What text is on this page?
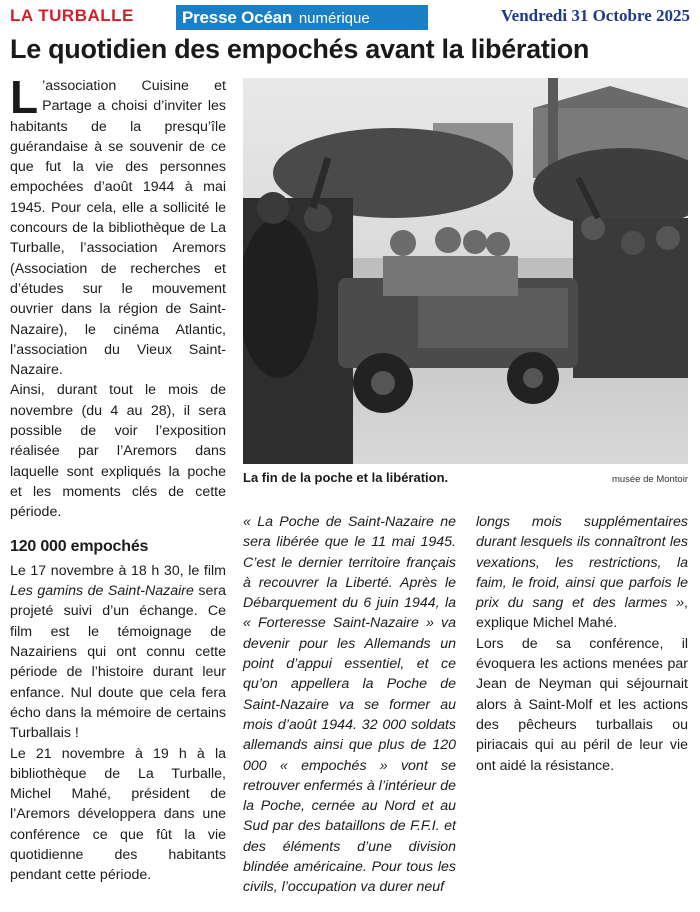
LA TURBALLE	Presse Océan numérique	Vendredi 31 Octobre 2025
Le quotidien des empochés avant la libération
La fin de la poche et la libération.	musée de Montoir

L ’association Cuisine et Partage a choisi d’inviter les habitants de la presqu’île guérandaise à se souvenir de ce que fut la vie des personnes empochées d’août 1944 à mai 1945. Pour cela, elle a sollicité le concours de la bibliothèque de La Turballe, l’association Aremors (Association de recherches et d’études sur le mouvement ouvrier dans la région de Saint-Nazaire), le cinéma Atlantic, l’association du Vieux Saint-Nazaire.

Ainsi, durant tout le mois de novembre (du 4 au 28), il sera possible de voir l’exposition réalisée par l’Aremors dans laquelle sont expliqués la poche et les moments clés de cette période.

120 000 empochés

Le 17 novembre à 18 h 30, le film Les gamins de Saint-Nazaire sera projeté suivi d’un échange. Ce film est le témoignage de Nazairiens qui ont connu cette période de l’histoire durant leur enfance. Nul doute que cela fera écho dans la mémoire de certains Turballais !

Le 21 novembre à 19 h à la bibliothèque de La Turballe, Michel Mahé, président de l’Aremors développera dans une conférence ce que fût la vie quotidienne des habitants pendant cette période.

« La Poche de Saint-Nazaire ne sera libérée que le 11 mai 1945. C’est le dernier territoire français à recouvrer la Liberté. Après le Débarquement du 6 juin 1944, la « Forteresse Saint-Nazaire » va devenir pour les Allemands un point d’appui essentiel, et ce qu’on appellera la Poche de Saint-Nazaire va se former au mois d’août 1944. 32 000 soldats allemands ainsi que plus de 120 000 « empochés » vont se retrouver enfermés à l’intérieur de la Poche, cernée au Nord et au Sud par des bataillons de F.F.I. et des éléments d’une division blindée américaine. Pour tous les civils, l’occupation va durer neuf

longs mois supplémentaires durant lesquels ils connaîtront les vexations, les restrictions, la faim, le froid, ainsi que parfois le prix du sang et des larmes », explique Michel Mahé.

Lors de sa conférence, il évoquera les actions menées par Jean de Neyman qui séjournait alors à Saint-Molf et les actions des pêcheurs turballais ou piriacais qui au péril de leur vie ont aidé la résistance.
